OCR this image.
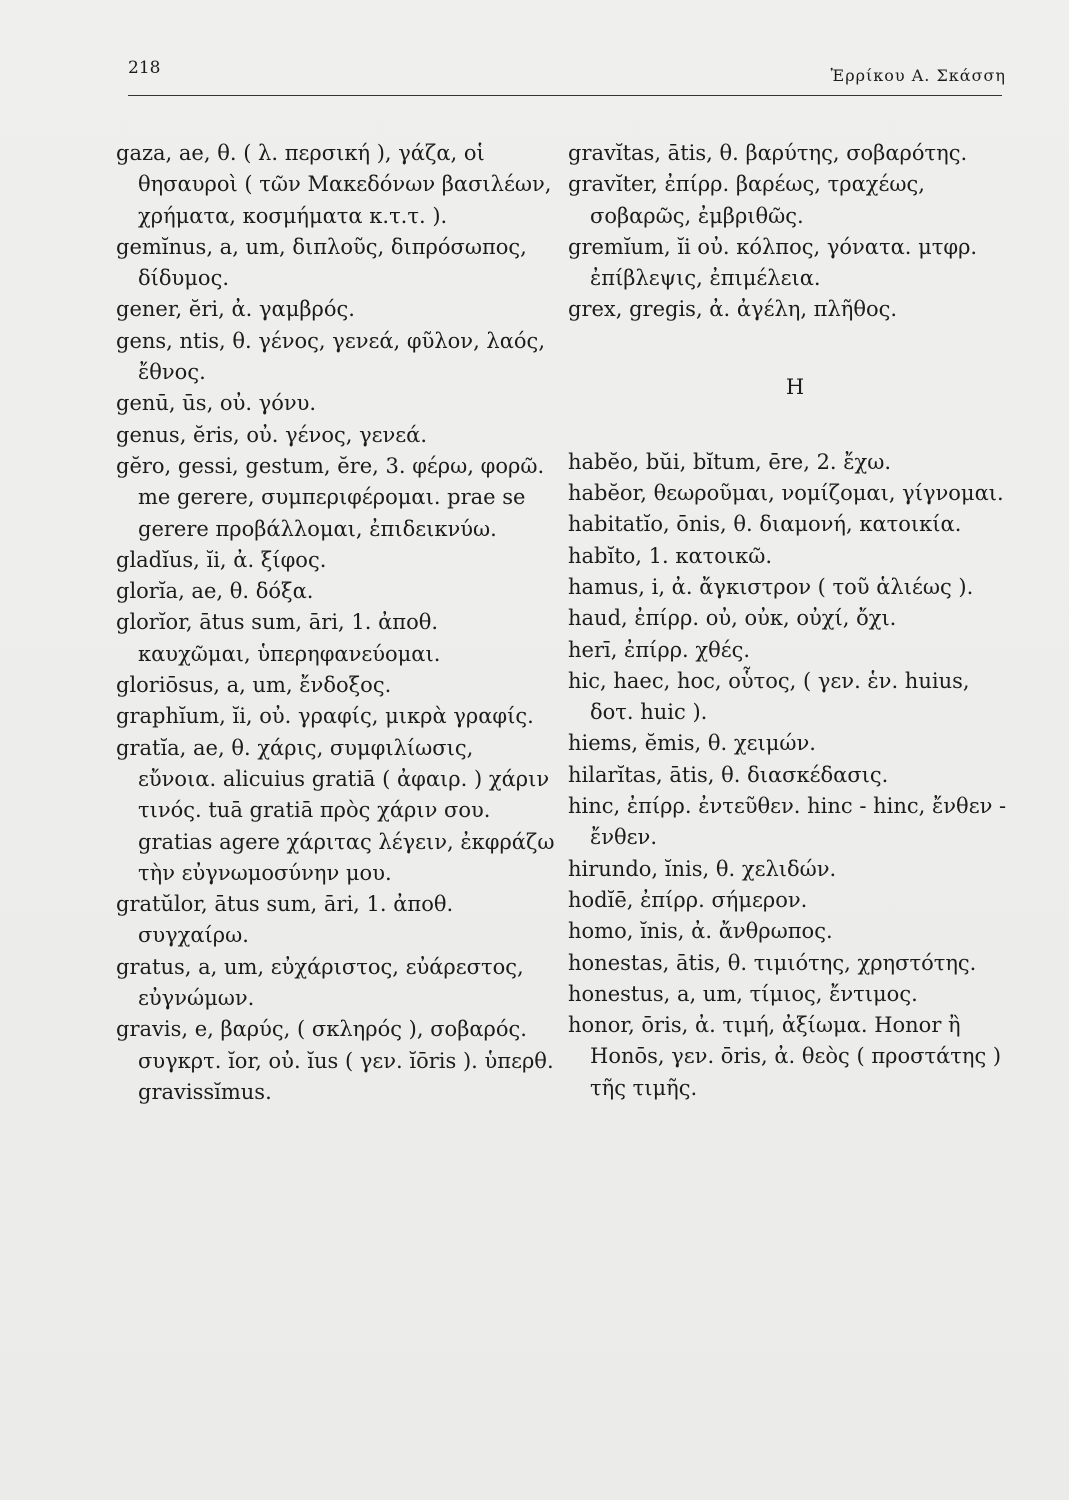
218	Ἐρρίκου Α. Σκάσση

gaza, ae, θ. ( λ. περσική ), γάζα, οἱ θησαυροὶ ( τῶν Μακεδόνων βασιλέων, χρήματα, κοσμήματα κ.τ.τ. ).

gemĭnus, a, um, διπλοῦς, διπρόσωπος, δίδυμος.

gener, ĕri, ἀ. γαμβρός.

gens, ntis, θ. γένος, γενεά, φῦλον, λαός, ἔθνος.

genū, ūs, οὐ. γόνυ.

genus, ĕris, οὐ. γένος, γενεά.

gĕro, gessi, gestum, ĕre, 3. φέρω, φορῶ. me gerere, συμπεριφέρομαι. prae se gerere προβάλλομαι, ἐπιδεικνύω.

gladĭus, ĭi, ἀ. ξίφος.

glorĭa, ae, θ. δόξα.

glorĭor, ātus sum, āri, 1. ἀποθ. καυχῶμαι, ὑπερηφανεύομαι.

gloriōsus, a, um, ἔνδοξος.

graphĭum, ĭi, οὐ. γραφίς, μικρὰ γραφίς.

gratĭa, ae, θ. χάρις, συμφιλίωσις, εὔνοια. alicuius gratiā ( ἀφαιρ. ) χάριν τινός. tuā gratiā πρὸς χάριν σου. gratias agere χάριτας λέγειν, ἐκφράζω τὴν εὐγνωμοσύνην μου.

gratŭlor, ātus sum, āri, 1. ἀποθ. συγχαίρω.

gratus, a, um, εὐχάριστος, εὐάρεστος, εὐγνώμων.

gravis, e, βαρύς, ( σκληρός ), σοβαρός. συγκρτ. ĭor, οὐ. ĭus ( γεν. ĭōris ). ὑπερθ. gravissĭmus.

gravĭtas, ātis, θ. βαρύτης, σοβαρότης.

gravĭter, ἐπίρρ. βαρέως, τραχέως, σοβαρῶς, ἐμβριθῶς.

gremĭum, ĭi οὐ. κόλπος, γόνατα. μτφρ. ἐπίβλεψις, ἐπιμέλεια.

grex, gregis, ἀ. ἀγέλη, πλῆθος.

H

habĕo, bŭi, bĭtum, ēre, 2. ἔχω.

habĕor, θεωροῦμαι, νομίζομαι, γίγνομαι.

habitatĭo, ōnis, θ. διαμονή, κατοικία.

habĭto, 1. κατοικῶ.

hamus, i, ἀ. ἄγκιστρον ( τοῦ ἁλιέως ).

haud, ἐπίρρ. οὐ, οὐκ, οὐχί, ὄχι.

herī, ἐπίρρ. χθές.

hic, haec, hoc, οὗτος, ( γεν. ἑν. huius, δοτ. huic ).

hiems, ĕmis, θ. χειμών.

hilarĭtas, ātis, θ. διασκέδασις.

hinc, ἐπίρρ. ἐντεῦθεν. hinc - hinc, ἔνθεν - ἔνθεν.

hirundo, ĭnis, θ. χελιδών.

hodĭē, ἐπίρρ. σήμερον.

homo, ĭnis, ἀ. ἄνθρωπος.

honestas, ātis, θ. τιμιότης, χρηστότης.

honestus, a, um, τίμιος, ἔντιμος.

honor, ōris, ἀ. τιμή, ἀξίωμα. Honor ἢ Honōs, γεν. ōris, ἀ. θεὸς ( προστάτης ) τῆς τιμῆς.
